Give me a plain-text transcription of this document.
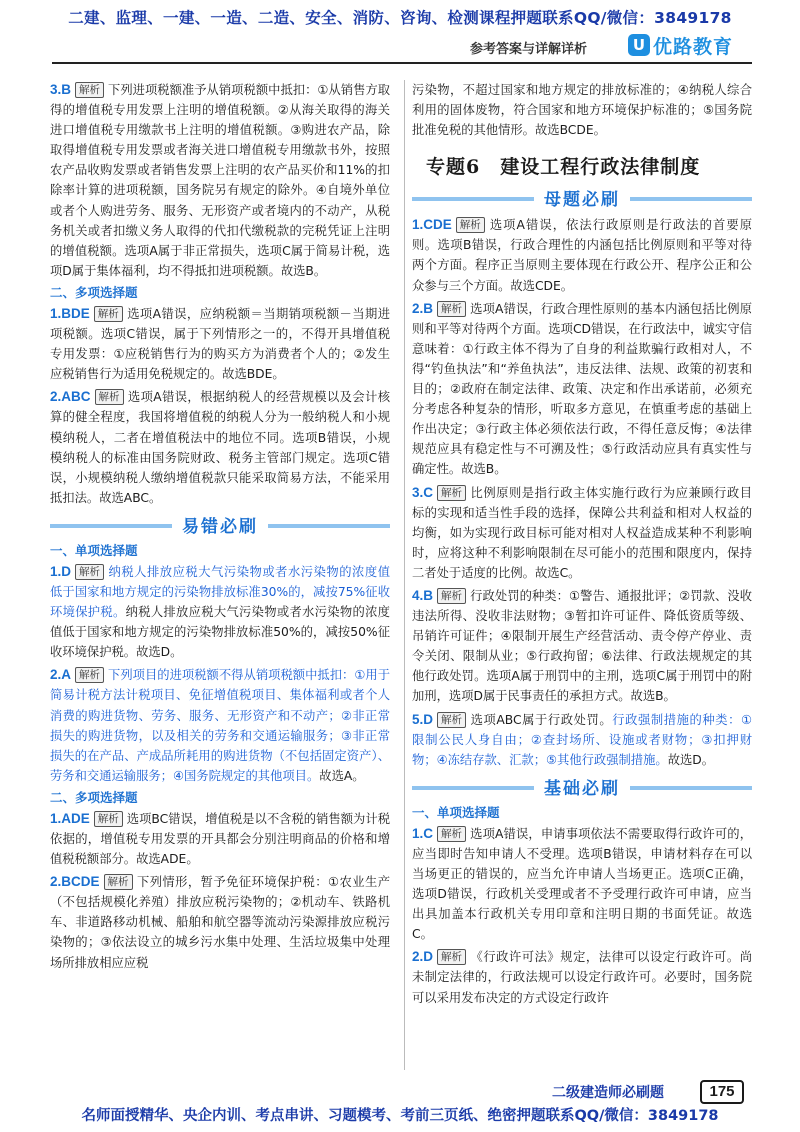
二建、监理、一建、一造、二造、安全、消防、咨询、检测课程押题联系QQ/微信：3849178
参考答案与详解详析	U 优路教育

3.B 解析 下列进项税额准予从销项税额中抵扣：①从销售方取得的增值税专用发票上注明的增值税额。②从海关取得的海关进口增值税专用缴款书上注明的增值税额。③购进农产品，除取得增值税专用发票或者海关进口增值税专用缴款书外，按照农产品收购发票或者销售发票上注明的农产品买价和11%的扣除率计算的进项税额，国务院另有规定的除外。④自境外单位或者个人购进劳务、服务、无形资产或者境内的不动产，从税务机关或者扣缴义务人取得的代扣代缴税款的完税凭证上注明的增值税额。选项A属于非正常损失，选项C属于简易计税，选项D属于集体福利，均不得抵扣进项税额。故选B。

二、多项选择题

1.BDE 解析 选项A错误，应纳税额＝当期销项税额－当期进项税额。选项C错误，属于下列情形之一的，不得开具增值税专用发票：①应税销售行为的购买方为消费者个人的；②发生应税销售行为适用免税规定的。故选BDE。

2.ABC 解析 选项A错误，根据纳税人的经营规模以及会计核算的健全程度，我国将增值税的纳税人分为一般纳税人和小规模纳税人，二者在增值税法中的地位不同。选项B错误，小规模纳税人的标准由国务院财政、税务主管部门规定。选项C错误，小规模纳税人缴纳增值税款只能采取简易方法，不能采用抵扣法。故选ABC。

易错必刷
一、单项选择题

1.D 解析 纳税人排放应税大气污染物或者水污染物的浓度值低于国家和地方规定的污染物排放标准30%的，减按75%征收环境保护税。纳税人排放应税大气污染物或者水污染物的浓度值低于国家和地方规定的污染物排放标准50%的，减按50%征收环境保护税。故选D。

2.A 解析 下列项目的进项税额不得从销项税额中抵扣：①用于简易计税方法计税项目、免征增值税项目、集体福利或者个人消费的购进货物、劳务、服务、无形资产和不动产；②非正常损失的购进货物，以及相关的劳务和交通运输服务；③非正常损失的在产品、产成品所耗用的购进货物（不包括固定资产）、劳务和交通运输服务；④国务院规定的其他项目。故选A。

二、多项选择题

1.ADE 解析 选项BC错误，增值税是以不含税的销售额为计税依据的，增值税专用发票的开具都会分别注明商品的价格和增值税税额部分。故选ADE。

2.BCDE 解析 下列情形，暂予免征环境保护税：①农业生产（不包括规模化养殖）排放应税污染物的；②机动车、铁路机车、非道路移动机械、船舶和航空器等流动污染源排放应税污染物的；③依法设立的城乡污水集中处理、生活垃圾集中处理场所排放相应应税

污染物，不超过国家和地方规定的排放标准的；④纳税人综合利用的固体废物，符合国家和地方环境保护标准的；⑤国务院批准免税的其他情形。故选BCDE。

专题6　建设工程行政法律制度
母题必刷

1.CDE 解析 选项A错误，依法行政原则是行政法的首要原则。选项B错误，行政合理性的内涵包括比例原则和平等对待两个方面。程序正当原则主要体现在行政公开、程序公正和公众参与三个方面。故选CDE。

2.B 解析 选项A错误，行政合理性原则的基本内涵包括比例原则和平等对待两个方面。选项CD错误，在行政法中，诚实守信意味着：①行政主体不得为了自身的利益欺骗行政相对人，不得“钓鱼执法”和“养鱼执法”，违反法律、法规、政策的初衷和目的；②政府在制定法律、政策、决定和作出承诺前，必须充分考虑各种复杂的情形，听取多方意见，在慎重考虑的基础上作出决定；③行政主体必须依法行政，不得任意反悔；④法律规范应具有稳定性与不可溯及性；⑤行政活动应具有真实性与确定性。故选B。

3.C 解析 比例原则是指行政主体实施行政行为应兼顾行政目标的实现和适当性手段的选择，保障公共利益和相对人权益的均衡，如为实现行政目标可能对相对人权益造成某种不利影响时，应将这种不利影响限制在尽可能小的范围和限度内，保持二者处于适度的比例。故选C。

4.B 解析 行政处罚的种类：①警告、通报批评；②罚款、没收违法所得、没收非法财物；③暂扣许可证件、降低资质等级、吊销许可证件；④限制开展生产经营活动、责令停产停业、责令关闭、限制从业；⑤行政拘留；⑥法律、行政法规规定的其他行政处罚。选项A属于刑罚中的主刑，选项C属于刑罚中的附加刑，选项D属于民事责任的承担方式。故选B。

5.D 解析 选项ABC属于行政处罚。行政强制措施的种类：①限制公民人身自由；②查封场所、设施或者财物；③扣押财物；④冻结存款、汇款；⑤其他行政强制措施。故选D。

基础必刷
一、单项选择题

1.C 解析 选项A错误，申请事项依法不需要取得行政许可的，应当即时告知申请人不受理。选项B错误，申请材料存在可以当场更正的错误的，应当允许申请人当场更正。选项C正确，选项D错误，行政机关受理或者不予受理行政许可申请，应当出具加盖本行政机关专用印章和注明日期的书面凭证。故选C。

2.D 解析 《行政许可法》规定，法律可以设定行政许可。尚未制定法律的，行政法规可以设定行政许可。必要时，国务院可以采用发布决定的方式设定行政许

二级建造师必刷题	175
名师面授精华、央企内训、考点串讲、习题模考、考前三页纸、绝密押题联系QQ/微信：3849178
